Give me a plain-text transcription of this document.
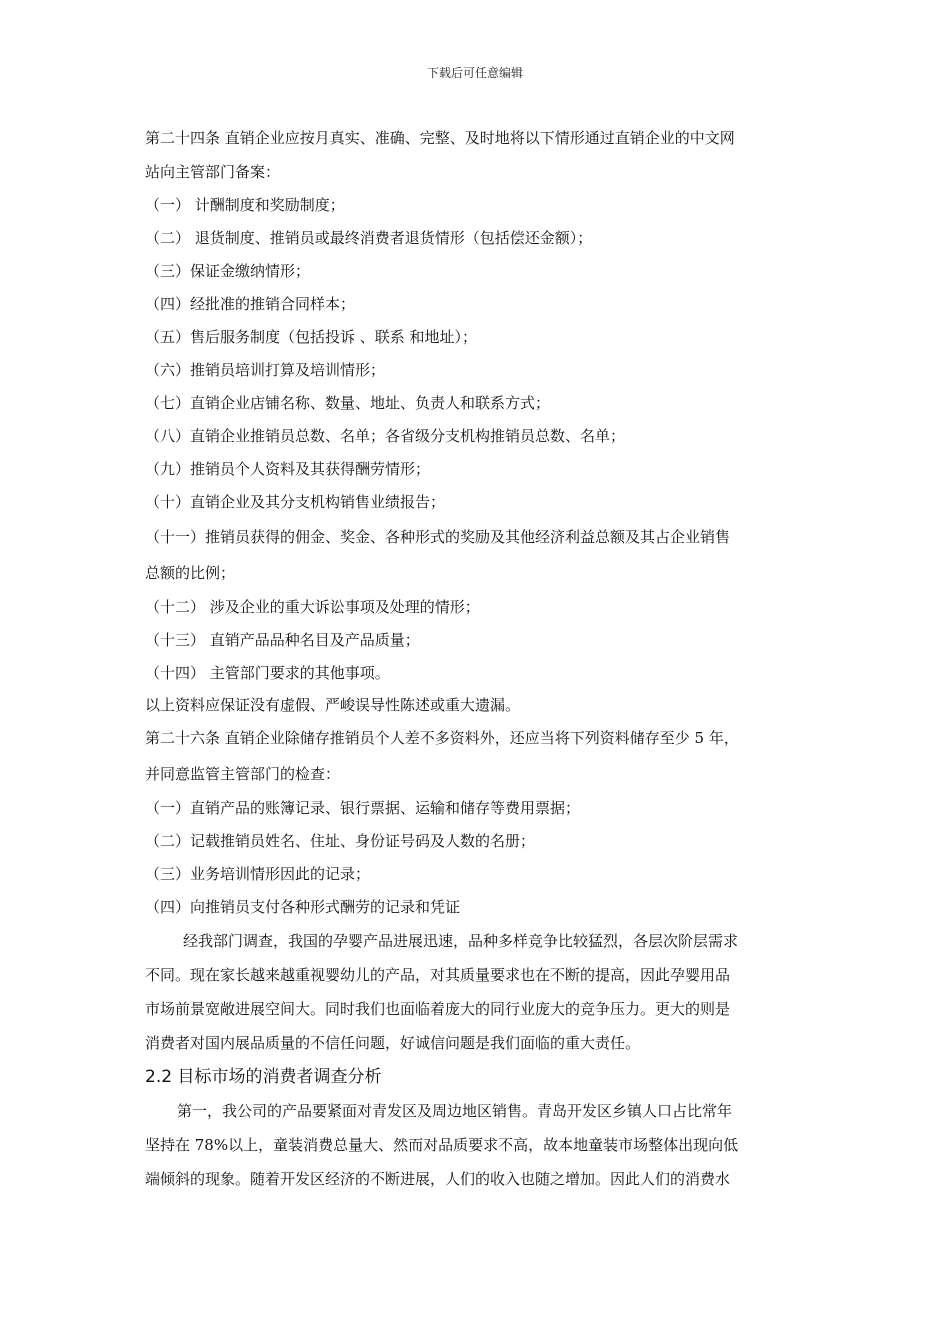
下载后可任意编辑

第二十四条 直销企业应按月真实、准确、完整、及时地将以下情形通过直销企业的中文网

站向主管部门备案：

（一） 计酬制度和奖励制度；

（二） 退货制度、推销员或最终消费者退货情形（包括偿还金额）；

（三）保证金缴纳情形；

（四）经批准的推销合同样本；

（五）售后服务制度（包括投诉 、联系 和地址）；

（六）推销员培训打算及培训情形；

（七）直销企业店铺名称、数量、地址、负责人和联系方式；

（八）直销企业推销员总数、名单；各省级分支机构推销员总数、名单；

（九）推销员个人资料及其获得酬劳情形；

（十）直销企业及其分支机构销售业绩报告；

（十一）推销员获得的佣金、奖金、各种形式的奖励及其他经济利益总额及其占企业销售

总额的比例；

（十二） 涉及企业的重大诉讼事项及处理的情形；

（十三） 直销产品品种名目及产品质量；

（十四） 主管部门要求的其他事项。

以上资料应保证没有虚假、严峻误导性陈述或重大遗漏。

第二十六条 直销企业除储存推销员个人差不多资料外，还应当将下列资料储存至少 5 年，

并同意监管主管部门的检查：

（一）直销产品的账簿记录、银行票据、运输和储存等费用票据；

（二）记载推销员姓名、住址、身份证号码及人数的名册；

（三）业务培训情形因此的记录；

（四）向推销员支付各种形式酬劳的记录和凭证

经我部门调查，我国的孕婴产品进展迅速，品种多样竞争比较猛烈，各层次阶层需求

不同。现在家长越来越重视婴幼儿的产品，对其质量要求也在不断的提高，因此孕婴用品

市场前景宽敞进展空间大。同时我们也面临着庞大的同行业庞大的竞争压力。更大的则是

消费者对国内展品质量的不信任问题，好诚信问题是我们面临的重大责任。

2.2 目标市场的消费者调查分析

第一，我公司的产品要紧面对青发区及周边地区销售。青岛开发区乡镇人口占比常年

坚持在 78%以上，童装消费总量大、然而对品质要求不高，故本地童装市场整体出现向低

端倾斜的现象。随着开发区经济的不断进展，人们的收入也随之增加。因此人们的消费水
